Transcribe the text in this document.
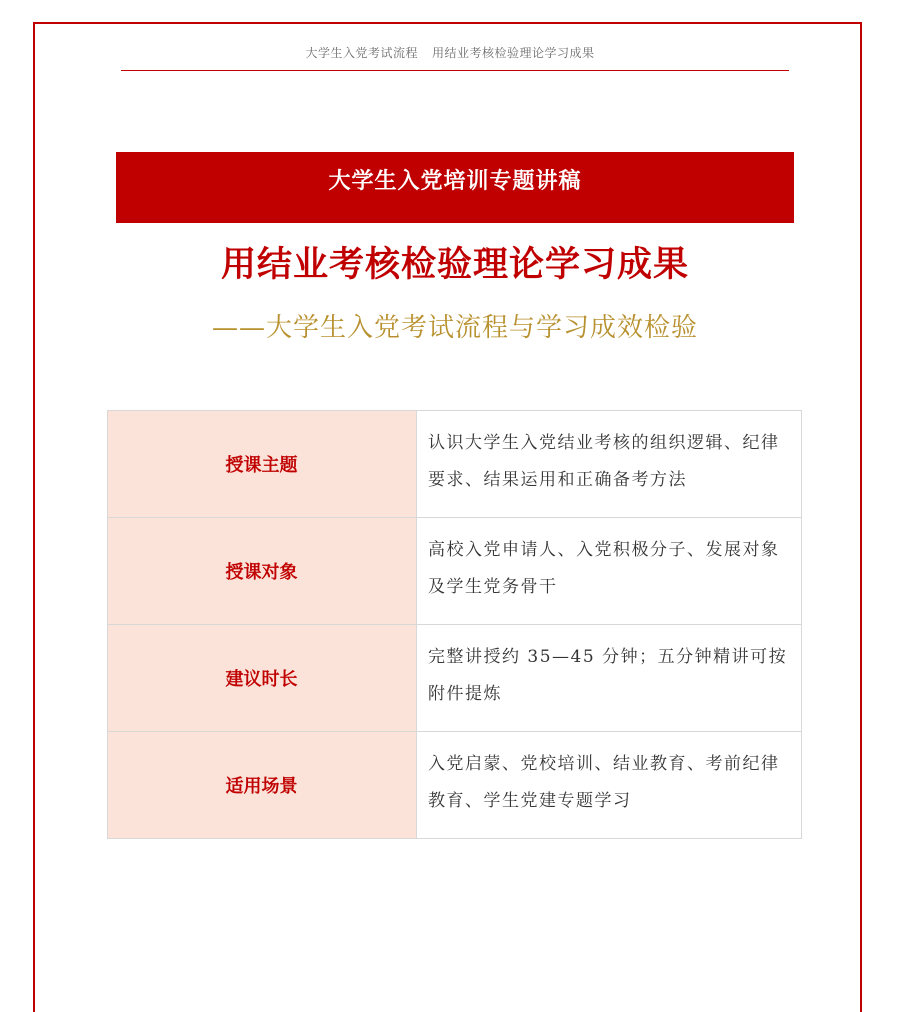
大学生入党考试流程 用结业考核检验理论学习成果
大学生入党培训专题讲稿
用结业考核检验理论学习成果
——大学生入党考试流程与学习成效检验
授课主题	认识大学生入党结业考核的组织逻辑、纪律要求、结果运用和正确备考方法
授课对象	高校入党申请人、入党积极分子、发展对象及学生党务骨干
建议时长	完整讲授约 35—45 分钟；五分钟精讲可按附件提炼
适用场景	入党启蒙、党校培训、结业教育、考前纪律教育、学生党建专题学习
